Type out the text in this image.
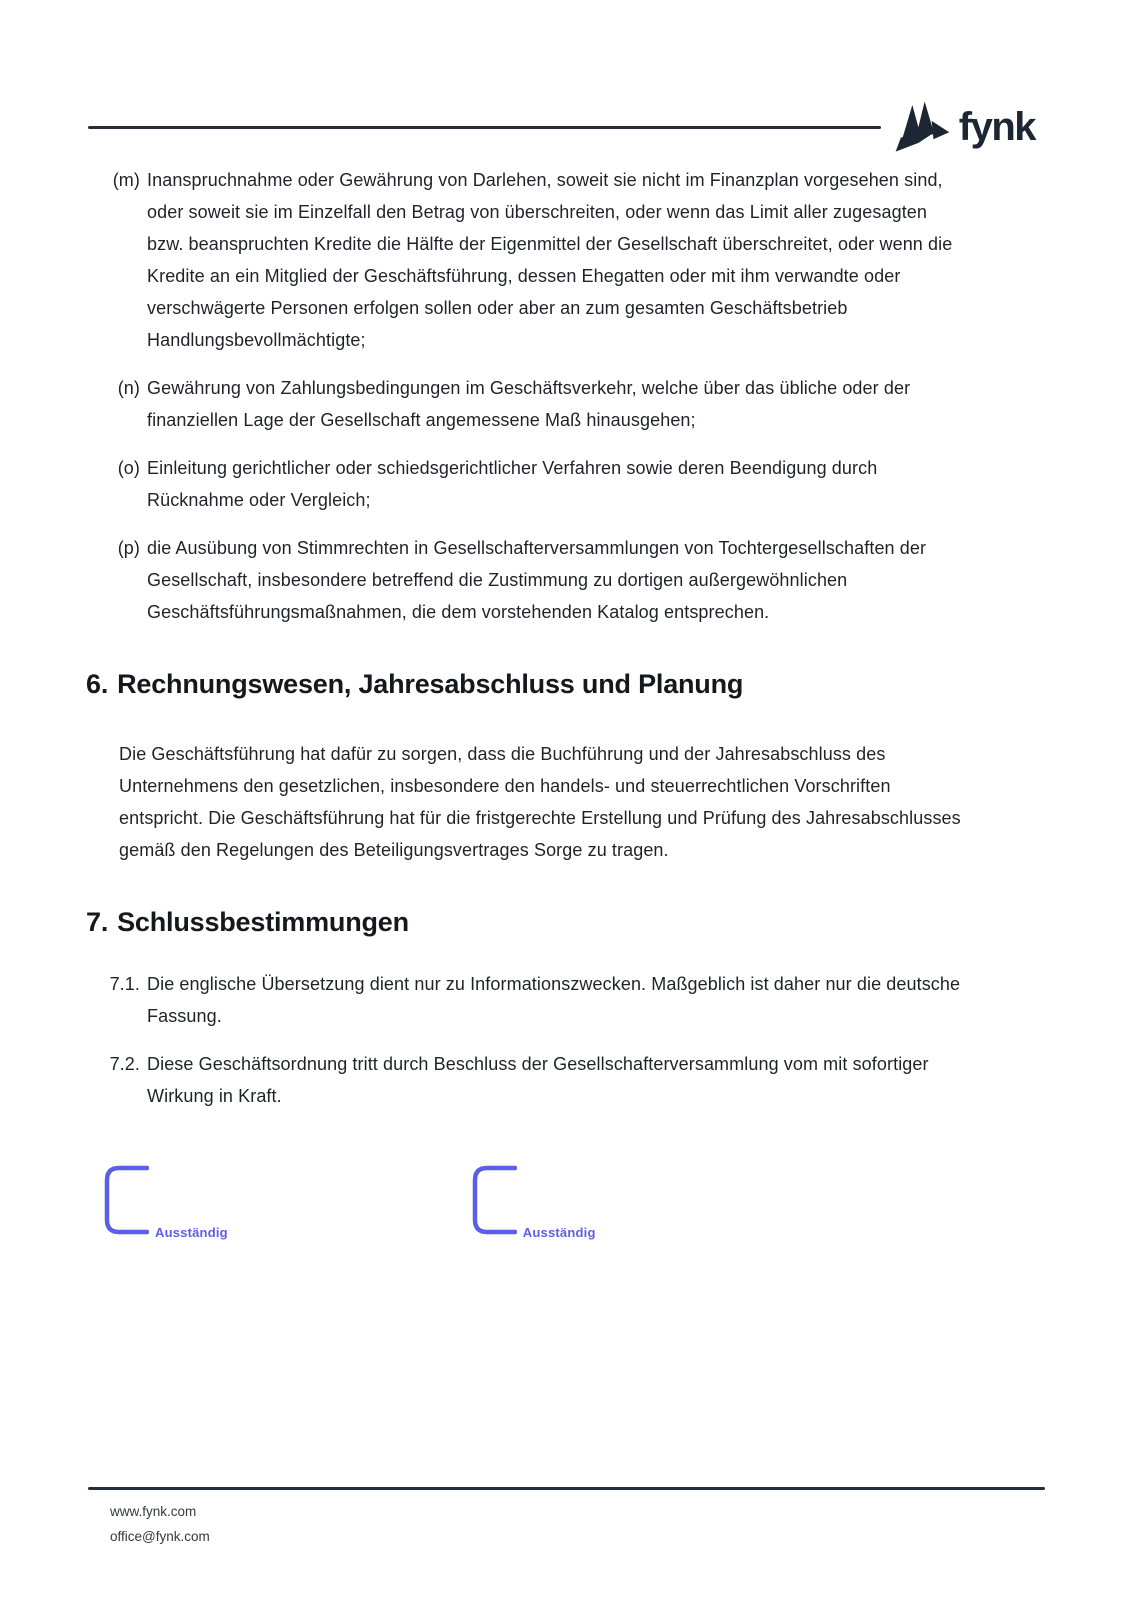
fynk
(m) Inanspruchnahme oder Gewährung von Darlehen, soweit sie nicht im Finanzplan vorgesehen sind, oder soweit sie im Einzelfall den Betrag von überschreiten, oder wenn das Limit aller zugesagten bzw. beanspruchten Kredite die Hälfte der Eigenmittel der Gesellschaft überschreitet, oder wenn die Kredite an ein Mitglied der Geschäftsführung, dessen Ehegatten oder mit ihm verwandte oder verschwägerte Personen erfolgen sollen oder aber an zum gesamten Geschäftsbetrieb Handlungsbevollmächtigte;
(n) Gewährung von Zahlungsbedingungen im Geschäftsverkehr, welche über das übliche oder der finanziellen Lage der Gesellschaft angemessene Maß hinausgehen;
(o) Einleitung gerichtlicher oder schiedsgerichtlicher Verfahren sowie deren Beendigung durch Rücknahme oder Vergleich;
(p) die Ausübung von Stimmrechten in Gesellschafterversammlungen von Tochtergesellschaften der Gesellschaft, insbesondere betreffend die Zustimmung zu dortigen außergewöhnlichen Geschäftsführungsmaßnahmen, die dem vorstehenden Katalog entsprechen.
6. Rechnungswesen, Jahresabschluss und Planung

Die Geschäftsführung hat dafür zu sorgen, dass die Buchführung und der Jahresabschluss des Unternehmens den gesetzlichen, insbesondere den handels- und steuerrechtlichen Vorschriften entspricht. Die Geschäftsführung hat für die fristgerechte Erstellung und Prüfung des Jahresabschlusses gemäß den Regelungen des Beteiligungsvertrages Sorge zu tragen.

7. Schlussbestimmungen
7.1. Die englische Übersetzung dient nur zu Informationszwecken. Maßgeblich ist daher nur die deutsche Fassung.
7.2. Diese Geschäftsordnung tritt durch Beschluss der Gesellschafterversammlung vom mit sofortiger Wirkung in Kraft.
Ausständig	Ausständig
www.fynk.com
office@fynk.com
